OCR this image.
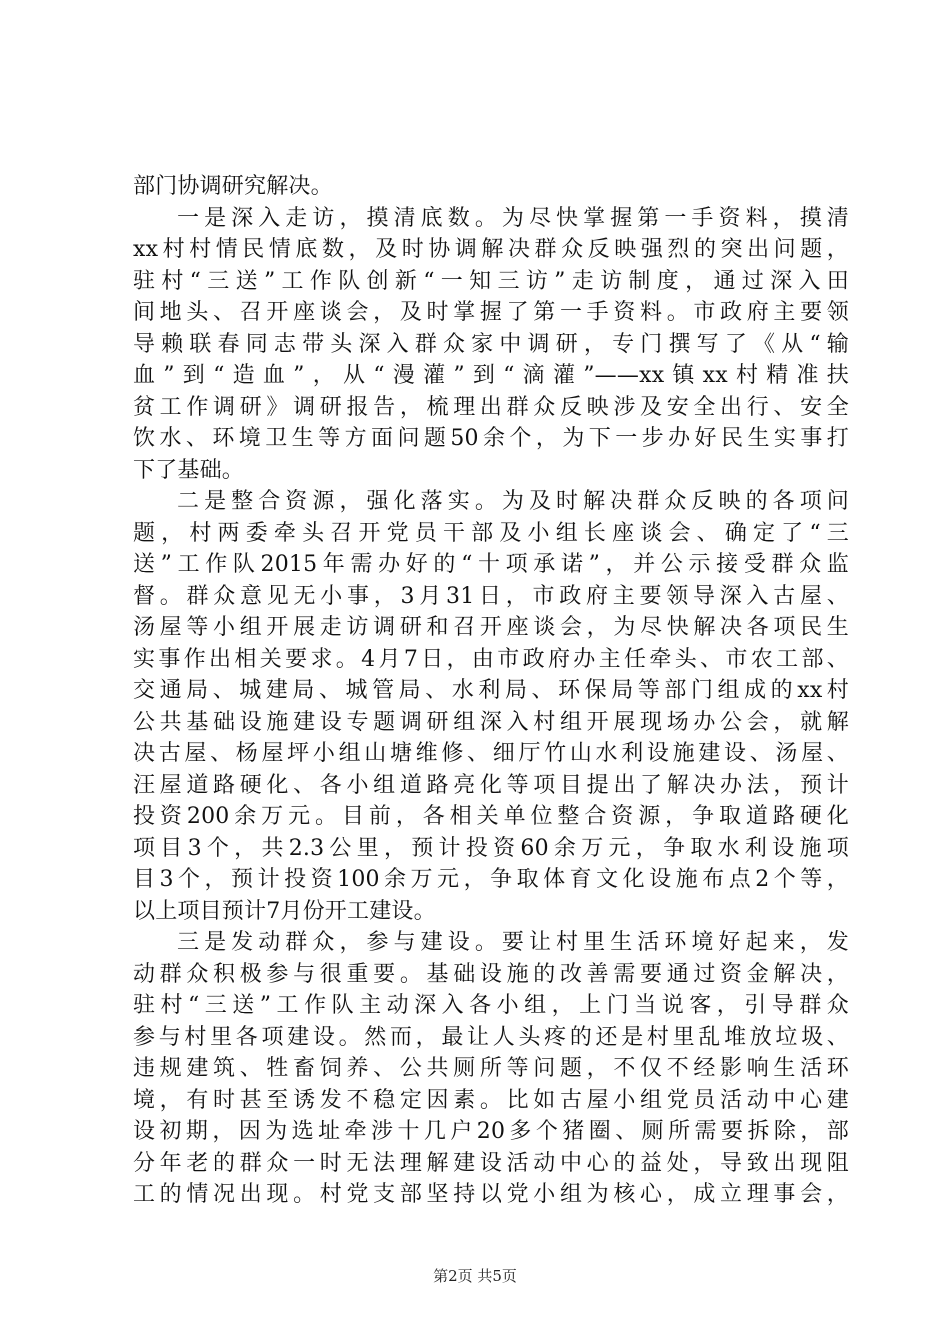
部门协调研究解决。
一是深入走访，摸清底数。为尽快掌握第一手资料，摸清
xx村村情民情底数，及时协调解决群众反映强烈的突出问题，
驻村“三送”工作队创新“一知三访”走访制度，通过深入田
间地头、召开座谈会，及时掌握了第一手资料。市政府主要领
导赖联春同志带头深入群众家中调研，专门撰写了《从“输
血”到“造血”，从“漫灌”到“滴灌”——xx镇xx村精准扶
贫工作调研》调研报告，梳理出群众反映涉及安全出行、安全
饮水、环境卫生等方面问题50余个，为下一步办好民生实事打
下了基础。
二是整合资源，强化落实。为及时解决群众反映的各项问
题，村两委牵头召开党员干部及小组长座谈会、确定了“三
送”工作队2015年需办好的“十项承诺”，并公示接受群众监
督。群众意见无小事，3月31日，市政府主要领导深入古屋、
汤屋等小组开展走访调研和召开座谈会，为尽快解决各项民生
实事作出相关要求。4月7日，由市政府办主任牵头、市农工部、
交通局、城建局、城管局、水利局、环保局等部门组成的xx村
公共基础设施建设专题调研组深入村组开展现场办公会，就解
决古屋、杨屋坪小组山塘维修、细厅竹山水利设施建设、汤屋、
汪屋道路硬化、各小组道路亮化等项目提出了解决办法，预计
投资200余万元。目前，各相关单位整合资源，争取道路硬化
项目3个，共2.3公里，预计投资60余万元，争取水利设施项
目3个，预计投资100余万元，争取体育文化设施布点2个等，
以上项目预计7月份开工建设。
三是发动群众，参与建设。要让村里生活环境好起来，发
动群众积极参与很重要。基础设施的改善需要通过资金解决，
驻村“三送”工作队主动深入各小组，上门当说客，引导群众
参与村里各项建设。然而，最让人头疼的还是村里乱堆放垃圾、
违规建筑、牲畜饲养、公共厕所等问题，不仅不经影响生活环
境，有时甚至诱发不稳定因素。比如古屋小组党员活动中心建
设初期，因为选址牵涉十几户20多个猪圈、厕所需要拆除，部
分年老的群众一时无法理解建设活动中心的益处，导致出现阻
工的情况出现。村党支部坚持以党小组为核心，成立理事会，
第2页 共5页
